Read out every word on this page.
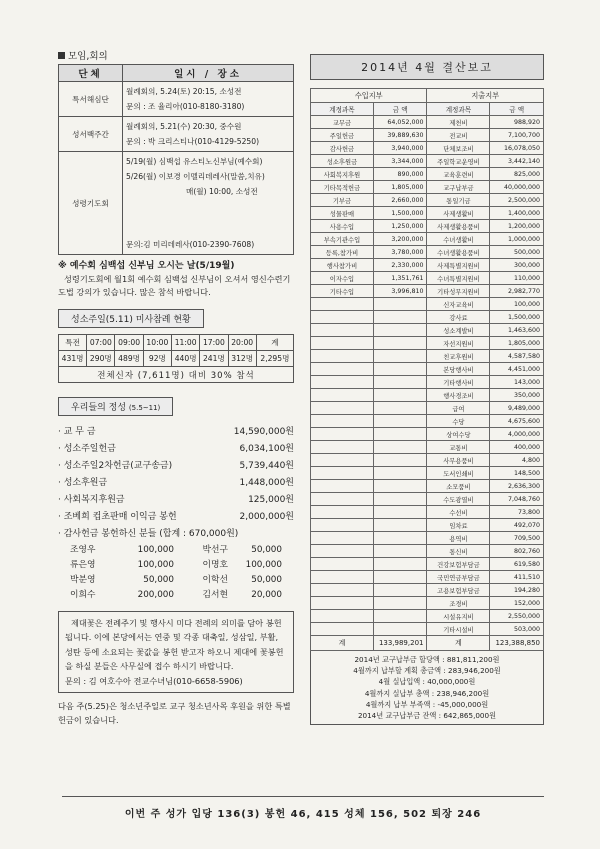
모임,회의
단체	일시 / 장소
특서해심단	월례회의, 5.24(토) 20:15, 소성전
문의 : 조 율리아(010-8180-3180)

성서백주간	월례회의, 5.21(수) 20:30, 중수원
문의 : 박 크리스티나(010-4129-5250)

성령기도회	5/19(월) 심백섭 유스티노신부님(예수회)
5/26(월) 이보경 이멜리데레사(말씀,치유)
매(월) 10:00, 소성전
문의:김 미리데레사(010-2390-7608)
※ 예수회 심백섭 신부님 오시는 날(5/19월)

성령기도회에 월1회 예수회 심백섭 신부님이 오셔서 영신수련기도법 강의가 있습니다. 많은 참석 바랍니다.

성소주일(5.11) 미사참례 현황
특전	07:00	09:00	10:00	11:00	17:00	20:00	계
431명	290명	489명	92명	440명	241명	312명	2,295명
전체신자 (7,611명) 대비 30% 참석							
우리들의 정성 (5.5~11)
· 교 무 금	14,590,000원
· 성소주일헌금	6,034,100원
· 성소주일2차헌금(교구송금)	5,739,440원
· 성소후원금	1,448,000원
· 사회복지후원금	125,000원
· 조베희 컵초판매 이익금 봉헌	2,000,000원
· 감사헌금 봉헌하신 분들 (합계 : 670,000원)
조영우	100,000	박선구	50,000
류은영	100,000	이명호	100,000
박분영	50,000	이학선	50,000
이희수	200,000	김서현	20,000

제대꽃은 전례주기 및 행사시 미다 전례의 의미를 담아 봉헌 됩니다. 이에 본당에서는 연중 및 각종 대축일, 성삼일, 부활, 성탄 등에 소요되는 꽃값을 봉헌 받고자 하오니 제대에 꽃봉헌을 하실 분들은 사무실에 접수 하시기 바랍니다.

문의 : 김 여호수아 전교수녀님(010-6658-5906)
다음 주(5.25)은 청소년주일로 교구 청소년사목 후원을 위한 특별헌금이 있습니다.
2014년 4월 결산보고
수입지부		지출지부	
계정과목	금 액	계정과목	금 액
교무금	64,052,000	제천비	988,920
주일헌금	39,889,630	전교비	7,100,700
감사헌금	3,940,000	단체보조비	16,078,050
성소후원금	3,344,000	주일학교운영비	3,442,140
사회복지후원	890,000	교육훈련비	825,000
기타목적헌금	1,805,000	교구납부금	40,000,000
기부금	2,660,000	통일기금	2,500,000
성물판매	1,500,000	사제생활비	1,400,000
사용수입	1,250,000	사제생활용품비	1,200,000
부속기관수입	3,200,000	수녀생활비	1,000,000
등록,참가비	3,780,000	수녀생활용품비	500,000
행사참가비	2,330,000	사제특별지원비	300,000
이자수입	1,351,761	수녀특별지원비	110,000
기타수입	3,996,810	기타성무지원비	2,982,770
		신자교육비	100,000
		강사료	1,500,000
		성소계발비	1,463,600
		자선지원비	1,805,000
		친교후원비	4,587,580
		본당행사비	4,451,000
		기타행사비	143,000
		행사경조비	350,000
		급여	9,489,000
		수당	4,675,600
		상여수당	4,000,000
		교통비	400,000
		사무용품비	4,800
		도서인쇄비	148,500
		소모품비	2,636,300
		수도광열비	7,048,760
		수선비	73,800
		임차료	492,070
		용역비	709,500
		통신비	802,760
		건강보험부담금	619,580
		국민연금부담금	411,510
		고용보험부담금	194,280
		조경비	152,000
		시설유지비	2,550,000
		기타시설비	503,000
계	133,989,201	계	123,388,850
2014년 교구납부금 할당액 : 881,811,200원
4월까지 납부할 계획 총금액 : 283,946,200원
4월 실납입액 : 40,000,000원
4월까지 실납부 총액 : 238,946,200원
4월까지 납부 부족액 : -45,000,000원
2014년 교구납부금 잔액 : 642,865,000원
이번 주 성가 입당 136(3) 봉헌 46, 415 성체 156, 502 퇴장 246
